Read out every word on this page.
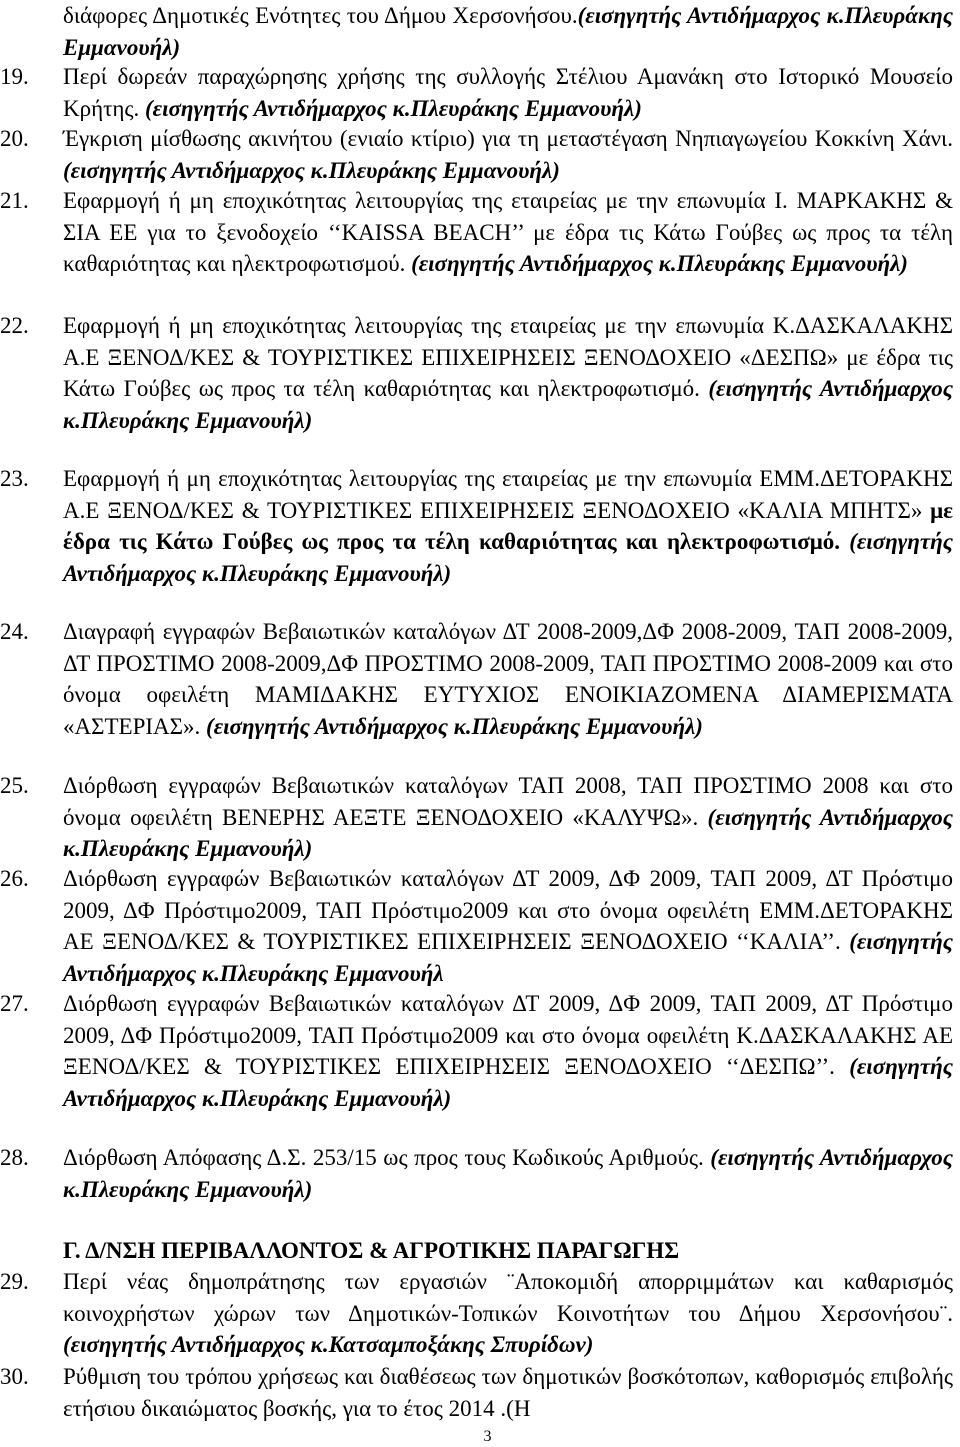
διάφορες Δημοτικές Ενότητες του Δήμου Χερσονήσου.(εισηγητής Αντιδήμαρχος κ.Πλευράκης Εμμανουήλ)
19.	Περί δωρεάν παραχώρησης χρήσης της συλλογής Στέλιου Αμανάκη στο Ιστορικό Μουσείο Κρήτης. (εισηγητής Αντιδήμαρχος κ.Πλευράκης Εμμανουήλ)
20.	Έγκριση μίσθωσης ακινήτου (ενιαίο κτίριο) για τη μεταστέγαση Νηπιαγωγείου Κοκκίνη Χάνι. (εισηγητής Αντιδήμαρχος κ.Πλευράκης Εμμανουήλ)
21.	Εφαρμογή ή μη εποχικότητας λειτουργίας της εταιρείας με την επωνυμία Ι. ΜΑΡΚΑΚΗΣ & ΣΙΑ ΕΕ για το ξενοδοχείο ‘‘KAISSA BEACH’’ με έδρα τις Κάτω Γούβες ως προς τα τέλη καθαριότητας και ηλεκτροφωτισμού. (εισηγητής Αντιδήμαρχος κ.Πλευράκης Εμμανουήλ)
22.	Εφαρμογή ή μη εποχικότητας λειτουργίας της εταιρείας με την επωνυμία Κ.ΔΑΣΚΑΛΑΚΗΣ Α.Ε ΞΕΝΟΔ/ΚΕΣ & ΤΟΥΡΙΣΤΙΚΕΣ ΕΠΙΧΕΙΡΗΣΕΙΣ ΞΕΝΟΔΟΧΕΙΟ «ΔΕΣΠΩ» με έδρα τις Κάτω Γούβες ως προς τα τέλη καθαριότητας και ηλεκτροφωτισμό. (εισηγητής Αντιδήμαρχος κ.Πλευράκης Εμμανουήλ)
23.	Εφαρμογή ή μη εποχικότητας λειτουργίας της εταιρείας με την επωνυμία ΕΜΜ.ΔΕΤΟΡΑΚΗΣ Α.Ε ΞΕΝΟΔ/ΚΕΣ & ΤΟΥΡΙΣΤΙΚΕΣ ΕΠΙΧΕΙΡΗΣΕΙΣ ΞΕΝΟΔΟΧΕΙΟ «ΚΑΛΙΑ ΜΠΗΤΣ» με έδρα τις Κάτω Γούβες ως προς τα τέλη καθαριότητας και ηλεκτροφωτισμό. (εισηγητής Αντιδήμαρχος κ.Πλευράκης Εμμανουήλ)
24.	Διαγραφή εγγραφών Βεβαιωτικών καταλόγων ΔΤ 2008-2009,ΔΦ 2008-2009, ΤΑΠ 2008-2009, ΔΤ ΠΡΟΣΤΙΜΟ 2008-2009,ΔΦ ΠΡΟΣΤΙΜΟ 2008-2009, ΤΑΠ ΠΡΟΣΤΙΜΟ 2008-2009 και στο όνομα οφειλέτη ΜΑΜΙΔΑΚΗΣ ΕΥΤΥΧΙΟΣ ΕΝΟΙΚΙΑΖΟΜΕΝΑ ΔΙΑΜΕΡΙΣΜΑΤΑ «ΑΣΤΕΡΙΑΣ». (εισηγητής Αντιδήμαρχος κ.Πλευράκης Εμμανουήλ)
25.	Διόρθωση εγγραφών Βεβαιωτικών καταλόγων ΤΑΠ 2008, ΤΑΠ ΠΡΟΣΤΙΜΟ 2008 και στο όνομα οφειλέτη ΒΕΝΕΡΗΣ ΑΕΞΤΕ ΞΕΝΟΔΟΧΕΙΟ «ΚΑΛΥΨΩ». (εισηγητής Αντιδήμαρχος κ.Πλευράκης Εμμανουήλ)
26.	Διόρθωση εγγραφών Βεβαιωτικών καταλόγων ΔΤ 2009, ΔΦ 2009, ΤΑΠ 2009, ΔΤ Πρόστιμο 2009, ΔΦ Πρόστιμο2009, ΤΑΠ Πρόστιμο2009 και στο όνομα οφειλέτη ΕΜΜ.ΔΕΤΟΡΑΚΗΣ ΑΕ ΞΕΝΟΔ/ΚΕΣ & ΤΟΥΡΙΣΤΙΚΕΣ ΕΠΙΧΕΙΡΗΣΕΙΣ ΞΕΝΟΔΟΧΕΙΟ ‘‘ΚΑΛΙΑ’’. (εισηγητής Αντιδήμαρχος κ.Πλευράκης Εμμανουήλ
27.	Διόρθωση εγγραφών Βεβαιωτικών καταλόγων ΔΤ 2009, ΔΦ 2009, ΤΑΠ 2009, ΔΤ Πρόστιμο 2009, ΔΦ Πρόστιμο2009, ΤΑΠ Πρόστιμο2009 και στο όνομα οφειλέτη Κ.ΔΑΣΚΑΛΑΚΗΣ ΑΕ ΞΕΝΟΔ/ΚΕΣ & ΤΟΥΡΙΣΤΙΚΕΣ ΕΠΙΧΕΙΡΗΣΕΙΣ ΞΕΝΟΔΟΧΕΙΟ ‘‘ΔΕΣΠΩ’’. (εισηγητής Αντιδήμαρχος κ.Πλευράκης Εμμανουήλ)
28.	Διόρθωση Απόφασης Δ.Σ. 253/15 ως προς τους Κωδικούς Αριθμούς. (εισηγητής Αντιδήμαρχος κ.Πλευράκης Εμμανουήλ)
Γ. Δ/ΝΣΗ ΠΕΡΙΒΑΛΛΟΝΤΟΣ & ΑΓΡΟΤΙΚΗΣ ΠΑΡΑΓΩΓΗΣ
29.	Περί νέας δημοπράτησης των εργασιών ¨Αποκομιδή απορριμμάτων και καθαρισμός κοινοχρήστων χώρων των Δημοτικών-Τοπικών Κοινοτήτων του Δήμου Χερσονήσου¨. (εισηγητής Αντιδήμαρχος κ.Κατσαμποξάκης Σπυρίδων)
30.	Ρύθμιση του τρόπου χρήσεως και διαθέσεως των δημοτικών βοσκότοπων, καθορισμός επιβολής ετήσιου δικαιώματος βοσκής, για το έτος 2014 .(Η
3
